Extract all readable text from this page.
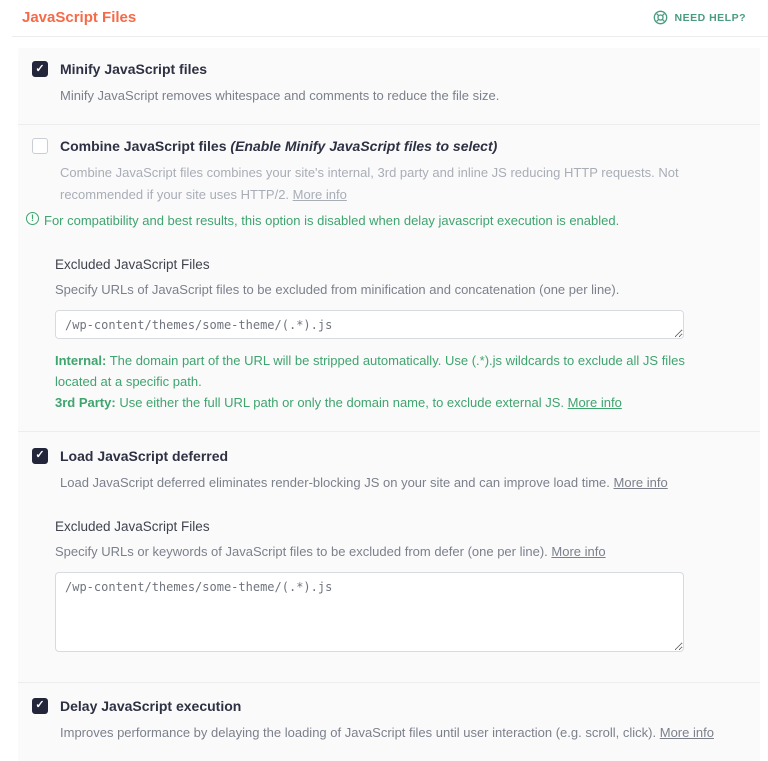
JavaScript Files	NEED HELP?
✓ Minify JavaScript files

Minify JavaScript removes whitespace and comments to reduce the file size.

Combine JavaScript files (Enable Minify JavaScript files to select)

Combine JavaScript files combines your site's internal, 3rd party and inline JS reducing HTTP requests. Not recommended if your site uses HTTP/2. More info

! For compatibility and best results, this option is disabled when delay javascript execution is enabled.

Excluded JavaScript Files

Specify URLs of JavaScript files to be excluded from minification and concatenation (one per line).

/wp-content/themes/some-theme/(.*).js

Internal: The domain part of the URL will be stripped automatically. Use (.*).js wildcards to exclude all JS files located at a specific path.

3rd Party: Use either the full URL path or only the domain name, to exclude external JS. More info

✓ Load JavaScript deferred

Load JavaScript deferred eliminates render-blocking JS on your site and can improve load time. More info

Excluded JavaScript Files

Specify URLs or keywords of JavaScript files to be excluded from defer (one per line). More info

/wp-content/themes/some-theme/(.*).js
✓ Delay JavaScript execution

Improves performance by delaying the loading of JavaScript files until user interaction (e.g. scroll, click). More info
